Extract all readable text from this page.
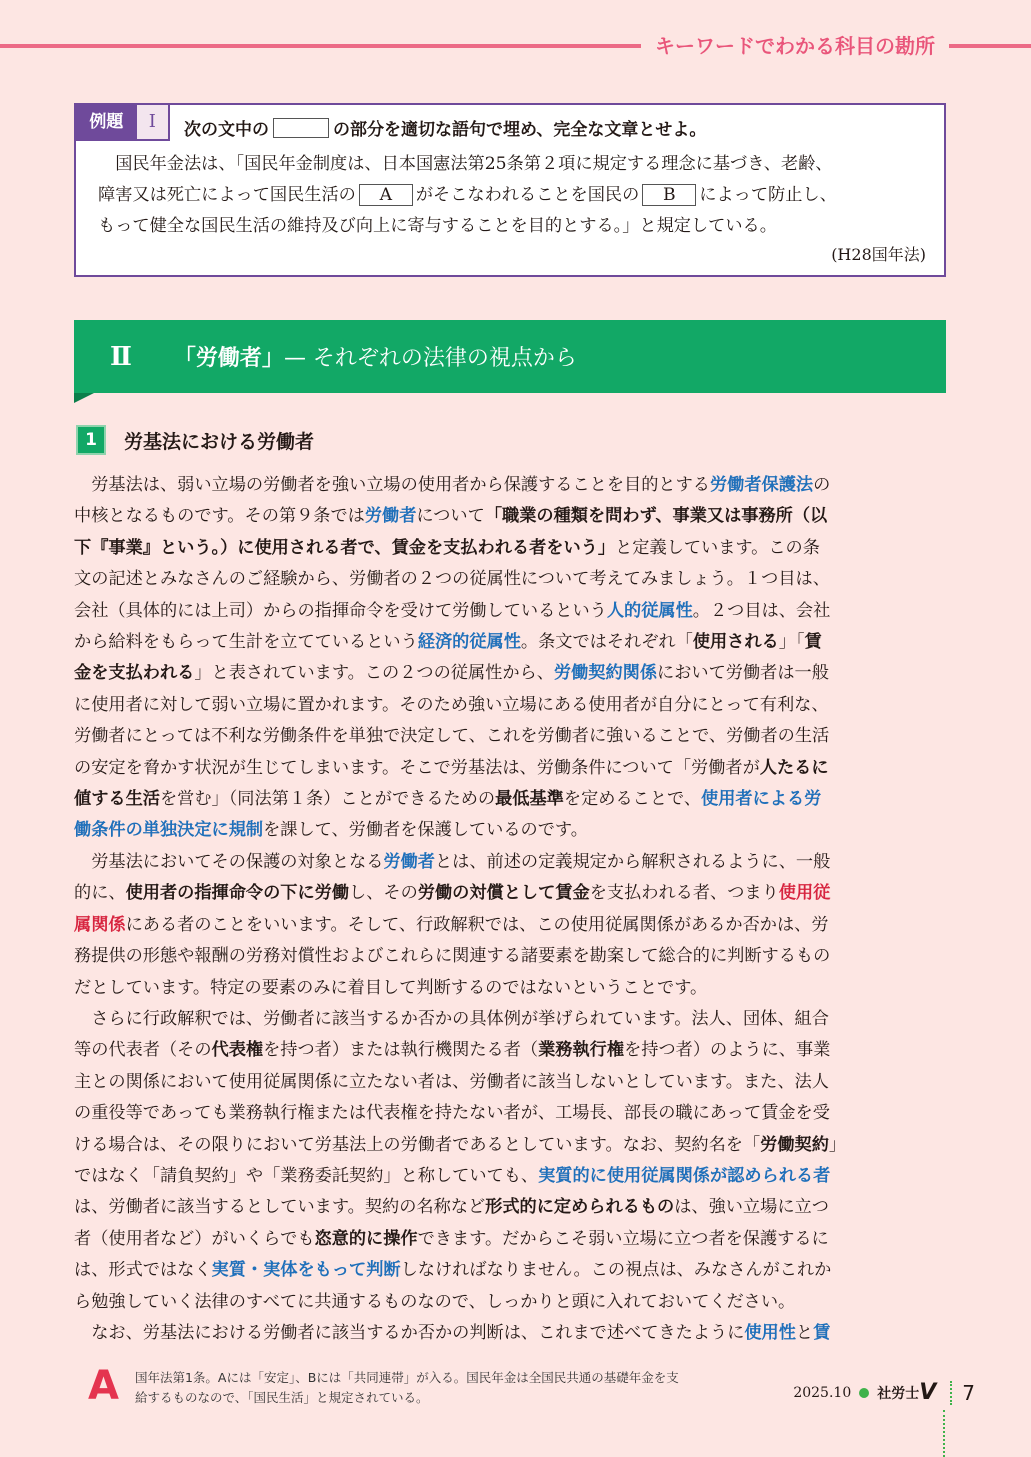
キーワードでわかる科目の勘所
例題	Ⅰ	次の文中の	の部分を適切な語句で埋め、完全な文章とせよ。

　国民年金法は、「国民年金制度は、日本国憲法第25条第２項に規定する理念に基づき、老齢、

障害又は死亡によって国民生活の A がそこなわれることを国民の B によって防止し、

もって健全な国民生活の維持及び向上に寄与することを目的とする。」と規定している。

(H28国年法)
Ⅱ 「労働者」— それぞれの法律の視点から
1	労基法における労働者

　労基法は、弱い立場の労働者を強い立場の使用者から保護することを目的とする労働者保護法の

中核となるものです。その第９条では労働者について「職業の種類を問わず、事業又は事務所（以

下『事業』という。）に使用される者で、賃金を支払われる者をいう」と定義しています。この条

文の記述とみなさんのご経験から、労働者の２つの従属性について考えてみましょう。１つ目は、

会社（具体的には上司）からの指揮命令を受けて労働しているという人的従属性。２つ目は、会社

から給料をもらって生計を立てているという経済的従属性。条文ではそれぞれ「使用される」「賃

金を支払われる」と表されています。この２つの従属性から、労働契約関係において労働者は一般

に使用者に対して弱い立場に置かれます。そのため強い立場にある使用者が自分にとって有利な、

労働者にとっては不利な労働条件を単独で決定して、これを労働者に強いることで、労働者の生活

の安定を脅かす状況が生じてしまいます。そこで労基法は、労働条件について「労働者が人たるに

値する生活を営む」（同法第１条）ことができるための最低基準を定めることで、使用者による労

働条件の単独決定に規制を課して、労働者を保護しているのです。

　労基法においてその保護の対象となる労働者とは、前述の定義規定から解釈されるように、一般

的に、使用者の指揮命令の下に労働し、その労働の対償として賃金を支払われる者、つまり使用従

属関係にある者のことをいいます。そして、行政解釈では、この使用従属関係があるか否かは、労

務提供の形態や報酬の労務対償性およびこれらに関連する諸要素を勘案して総合的に判断するもの

だとしています。特定の要素のみに着目して判断するのではないということです。

　さらに行政解釈では、労働者に該当するか否かの具体例が挙げられています。法人、団体、組合

等の代表者（その代表権を持つ者）または執行機関たる者（業務執行権を持つ者）のように、事業

主との関係において使用従属関係に立たない者は、労働者に該当しないとしています。また、法人

の重役等であっても業務執行権または代表権を持たない者が、工場長、部長の職にあって賃金を受

ける場合は、その限りにおいて労基法上の労働者であるとしています。なお、契約名を「労働契約」

ではなく「請負契約」や「業務委託契約」と称していても、実質的に使用従属関係が認められる者

は、労働者に該当するとしています。契約の名称など形式的に定められるものは、強い立場に立つ

者（使用者など）がいくらでも恣意的に操作できます。だからこそ弱い立場に立つ者を保護するに

は、形式ではなく実質・実体をもって判断しなければなりません。この視点は、みなさんがこれか

ら勉強していく法律のすべてに共通するものなので、しっかりと頭に入れておいてください。

　なお、労基法における労働者に該当するか否かの判断は、これまで述べてきたように使用性と賃

A 国年法第1条。Aには「安定」、Bには「共同連帯」が入る。国民年金は全国民共通の基礎年金を支
給するものなので、「国民生活」と規定されている。	2025.10 社労士 V	7
